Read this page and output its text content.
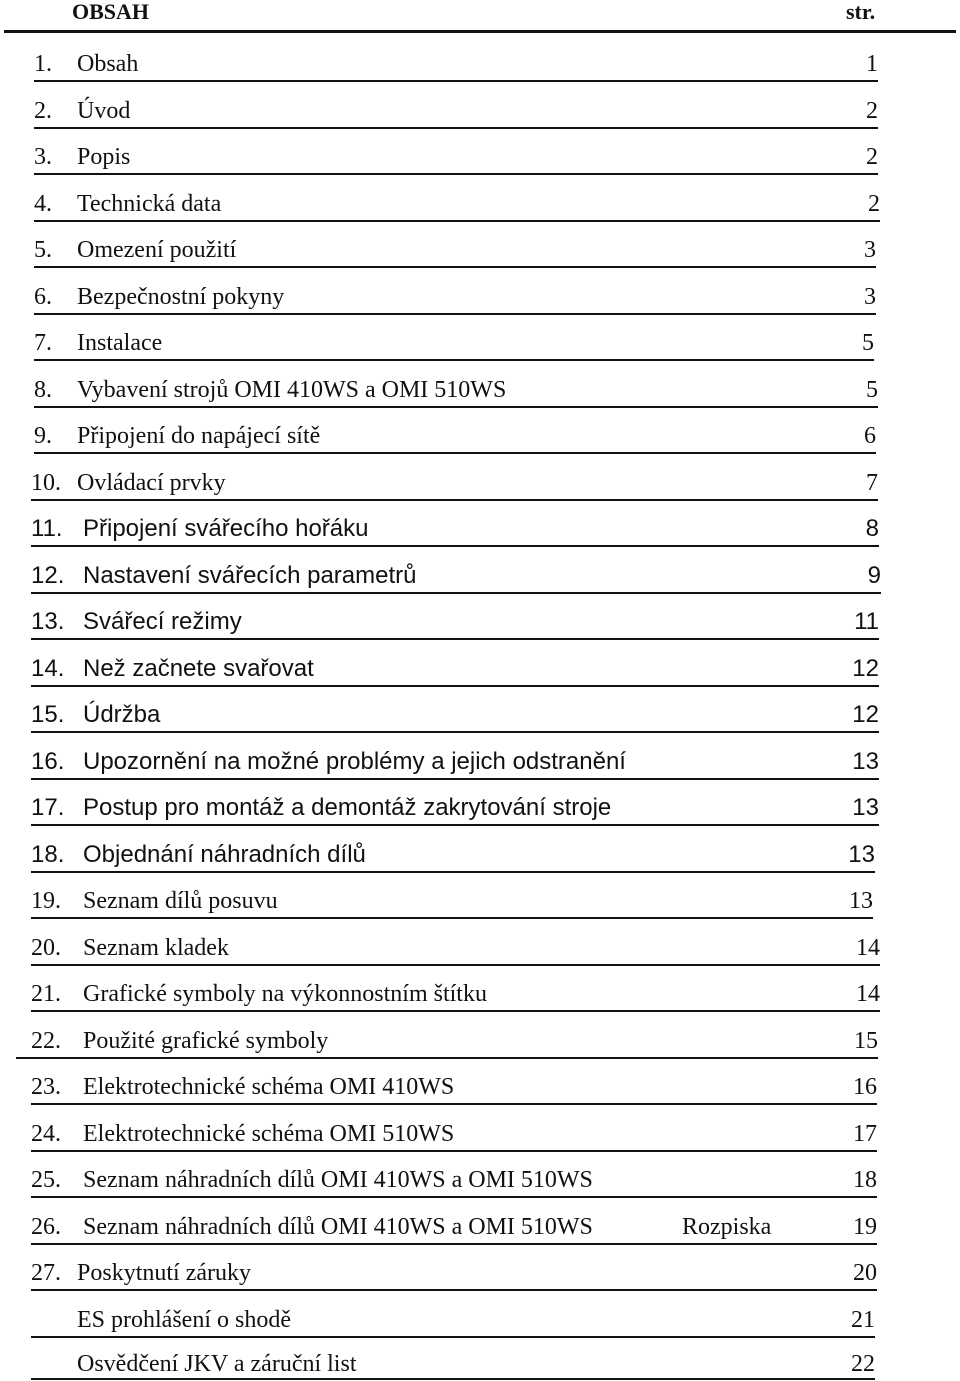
OBSAH	str.
1. Obsah	1
2. Úvod	2
3. Popis	2
4. Technická data	2
5. Omezení použití	3
6. Bezpečnostní pokyny	3
7. Instalace	5
8. Vybavení strojů OMI 410WS a OMI 510WS	5
9. Připojení do napájecí sítě	6
10. Ovládací prvky	7
11. Připojení svářecího hořáku	8
12. Nastavení svářecích parametrů	9
13. Svářecí režimy	11
14. Než začnete svařovat	12
15. Údržba	12
16. Upozornění na možné problémy a jejich odstranění	13
17. Postup pro montáž a demontáž zakrytování stroje	13
18. Objednání náhradních dílů	13
19. Seznam dílů posuvu	13
20. Seznam kladek	14
21. Grafické symboly na výkonnostním štítku	14
22. Použité grafické symboly	15
23. Elektrotechnické schéma OMI 410WS	16
24. Elektrotechnické schéma OMI 510WS	17
25. Seznam náhradních dílů OMI 410WS a OMI 510WS	18
26. Seznam náhradních dílů OMI 410WS a OMI 510WS	Rozpiska	19
27. Poskytnutí záruky	20
ES prohlášení o shodě	21
Osvědčení JKV a záruční list	22
